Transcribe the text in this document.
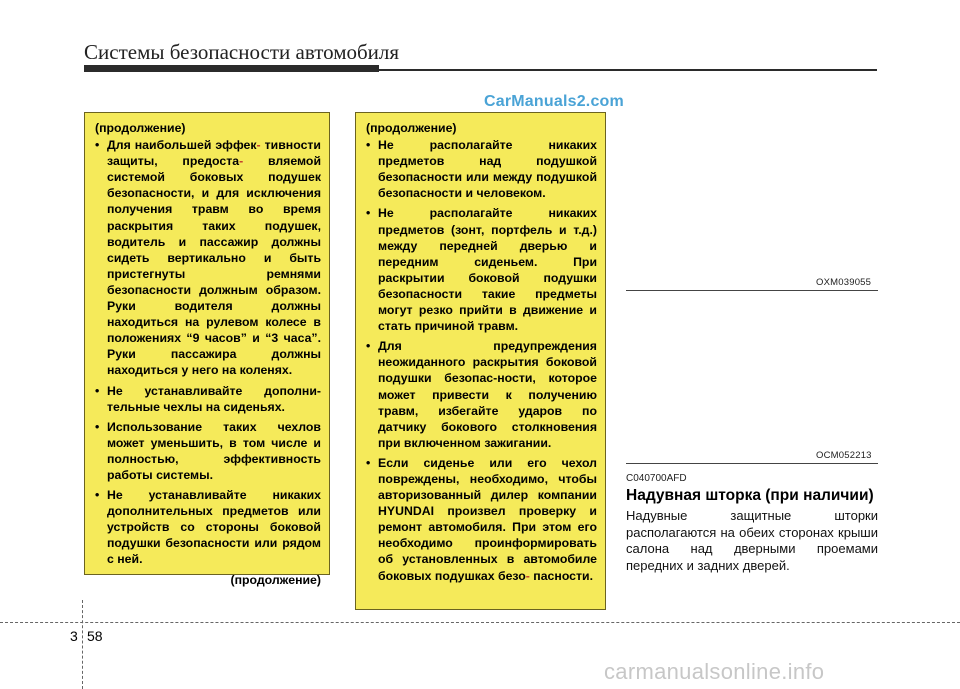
Системы безопасности автомобиля
CarManuals2.com

(продолжение)

• Для наибольшей эффек- тивности защиты, предоста- вляемой системой боковых подушек безопасности, и для исключения получения травм во время раскрытия таких подушек, водитель и пассажир должны сидеть вертикально и быть пристегнуты ремнями безопасности должным образом. Руки водителя должны находиться на рулевом колесе в положениях “9 часов” и “3 часа”. Руки пассажира должны находиться у него на коленях.
• Не устанавливайте дополни-тельные чехлы на сиденьях.
• Использование таких чехлов может уменьшить, в том числе и полностью, эффективность работы системы.
• Не устанавливайте никаких дополнительных предметов или устройств со стороны боковой подушки безопасности или рядом с ней.

(продолжение)

(продолжение)

• Не располагайте никаких предметов над подушкой безопасности или между подушкой безопасности и человеком.
• Не располагайте никаких предметов (зонт, портфель и т.д.) между передней дверью и передним сиденьем. При раскрытии боковой подушки безопасности такие предметы могут резко прийти в движение и стать причиной травм.
• Для предупреждения неожиданного раскрытия боковой подушки безопас-ности, которое может привести к получению травм, избегайте ударов по датчику бокового столкновения при включенном зажигании.
• Если сиденье или его чехол повреждены, необходимо, чтобы авторизованный дилер компании HYUNDAI произвел проверку и ремонт автомобиля. При этом его необходимо проинформировать об установленных в автомобиле боковых подушках безо- пасности.
OXM039055
OCM052213
C040700AFD
Надувная шторка (при наличии)
Надувные защитные шторки располагаются на обеих сторонах крыши салона над дверными проемами передних и задних дверей.
3 58
carmanualsonline.info
